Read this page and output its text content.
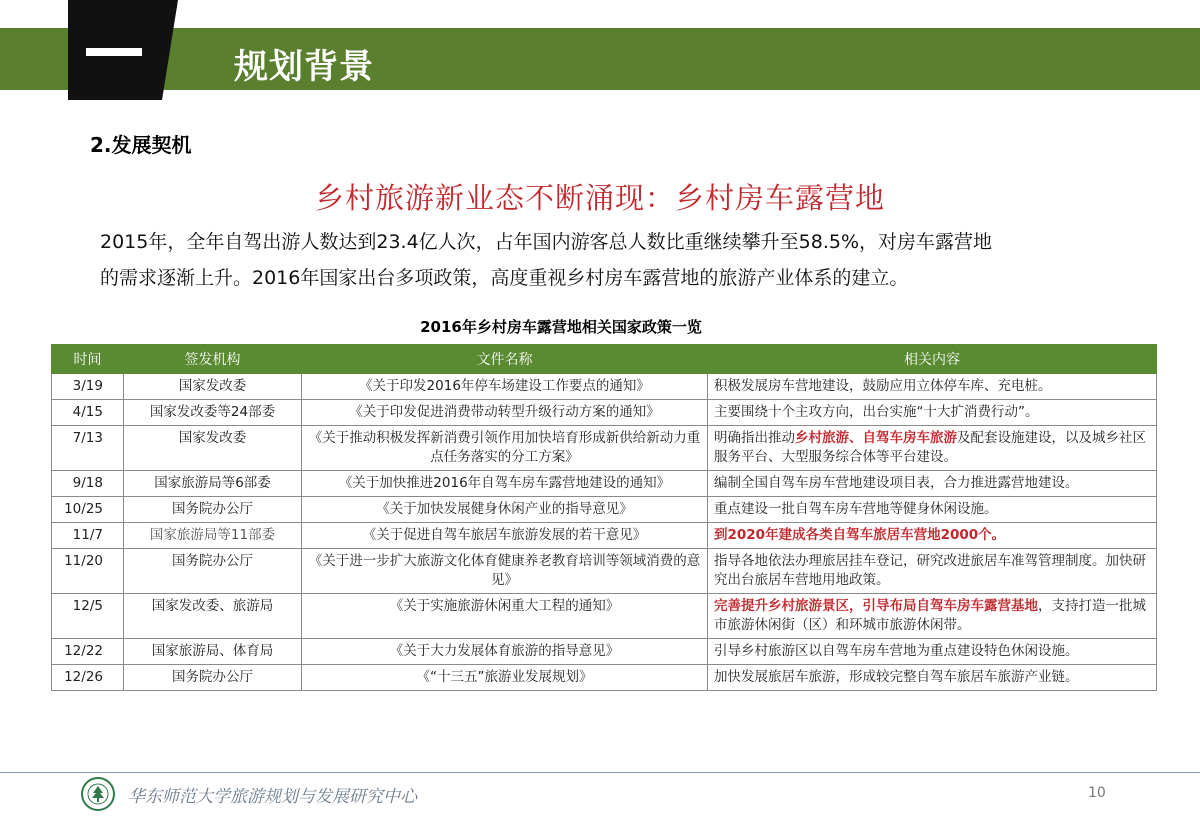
规划背景
2.发展契机
乡村旅游新业态不断涌现：乡村房车露营地
2015年，全年自驾出游人数达到23.4亿人次，占年国内游客总人数比重继续攀升至58.5%，对房车露营地
的需求逐渐上升。2016年国家出台多项政策，高度重视乡村房车露营地的旅游产业体系的建立。
2016年乡村房车露营地相关国家政策一览
时间	签发机构	文件名称	相关内容
3/19	国家发改委	《关于印发2016年停车场建设工作要点的通知》	积极发展房车营地建设，鼓励应用立体停车库、充电桩。
4/15	国家发改委等24部委	《关于印发促进消费带动转型升级行动方案的通知》	主要围绕十个主攻方向，出台实施“十大扩消费行动”。
7/13	国家发改委	《关于推动积极发挥新消费引领作用加快培育形成新供给新动力重点任务落实的分工方案》	明确指出推动乡村旅游、自驾车房车旅游及配套设施建设，以及城乡社区服务平台、大型服务综合体等平台建设。
9/18	国家旅游局等6部委	《关于加快推进2016年自驾车房车露营地建设的通知》	编制全国自驾车房车营地建设项目表，合力推进露营地建设。
10/25	国务院办公厅	《关于加快发展健身休闲产业的指导意见》	重点建设一批自驾车房车营地等健身休闲设施。
11/7	国家旅游局等11部委	《关于促进自驾车旅居车旅游发展的若干意见》	到2020年建成各类自驾车旅居车营地2000个。
11/20	国务院办公厅	《关于进一步扩大旅游文化体育健康养老教育培训等领域消费的意见》	指导各地依法办理旅居挂车登记，研究改进旅居车准驾管理制度。加快研究出台旅居车营地用地政策。
12/5	国家发改委、旅游局	《关于实施旅游休闲重大工程的通知》	完善提升乡村旅游景区，引导布局自驾车房车露营基地，支持打造一批城市旅游休闲街（区）和环城市旅游休闲带。
12/22	国家旅游局、体育局	《关于大力发展体育旅游的指导意见》	引导乡村旅游区以自驾车房车营地为重点建设特色休闲设施。
12/26	国务院办公厅	《“十三五”旅游业发展规划》	加快发展旅居车旅游，形成较完整自驾车旅居车旅游产业链。
华东师范大学旅游规划与发展研究中心	10
